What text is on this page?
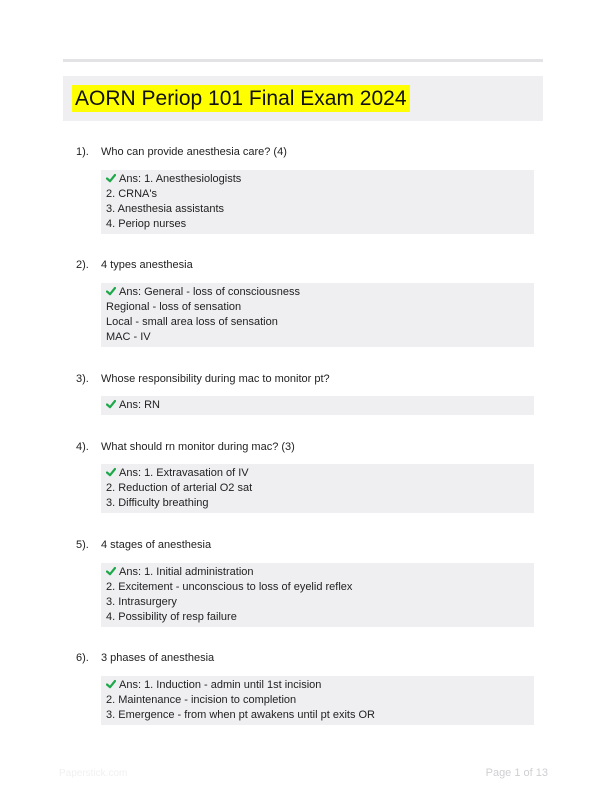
AORN Periop 101 Final Exam 2024
1). Who can provide anesthesia care? (4)
Ans: 1. Anesthesiologists
2. CRNA's
3. Anesthesia assistants
4. Periop nurses
2). 4 types anesthesia
Ans: General - loss of consciousness
Regional - loss of sensation
Local - small area loss of sensation
MAC - IV
3). Whose responsibility during mac to monitor pt?
Ans: RN
4). What should rn monitor during mac? (3)
Ans: 1. Extravasation of IV
2. Reduction of arterial O2 sat
3. Difficulty breathing
5). 4 stages of anesthesia
Ans: 1. Initial administration
2. Excitement - unconscious to loss of eyelid reflex
3. Intrasurgery
4. Possibility of resp failure
6). 3 phases of anesthesia
Ans: 1. Induction - admin until 1st incision
2. Maintenance - incision to completion
3. Emergence - from when pt awakens until pt exits OR
Paperstick.com	Page 1 of 13
